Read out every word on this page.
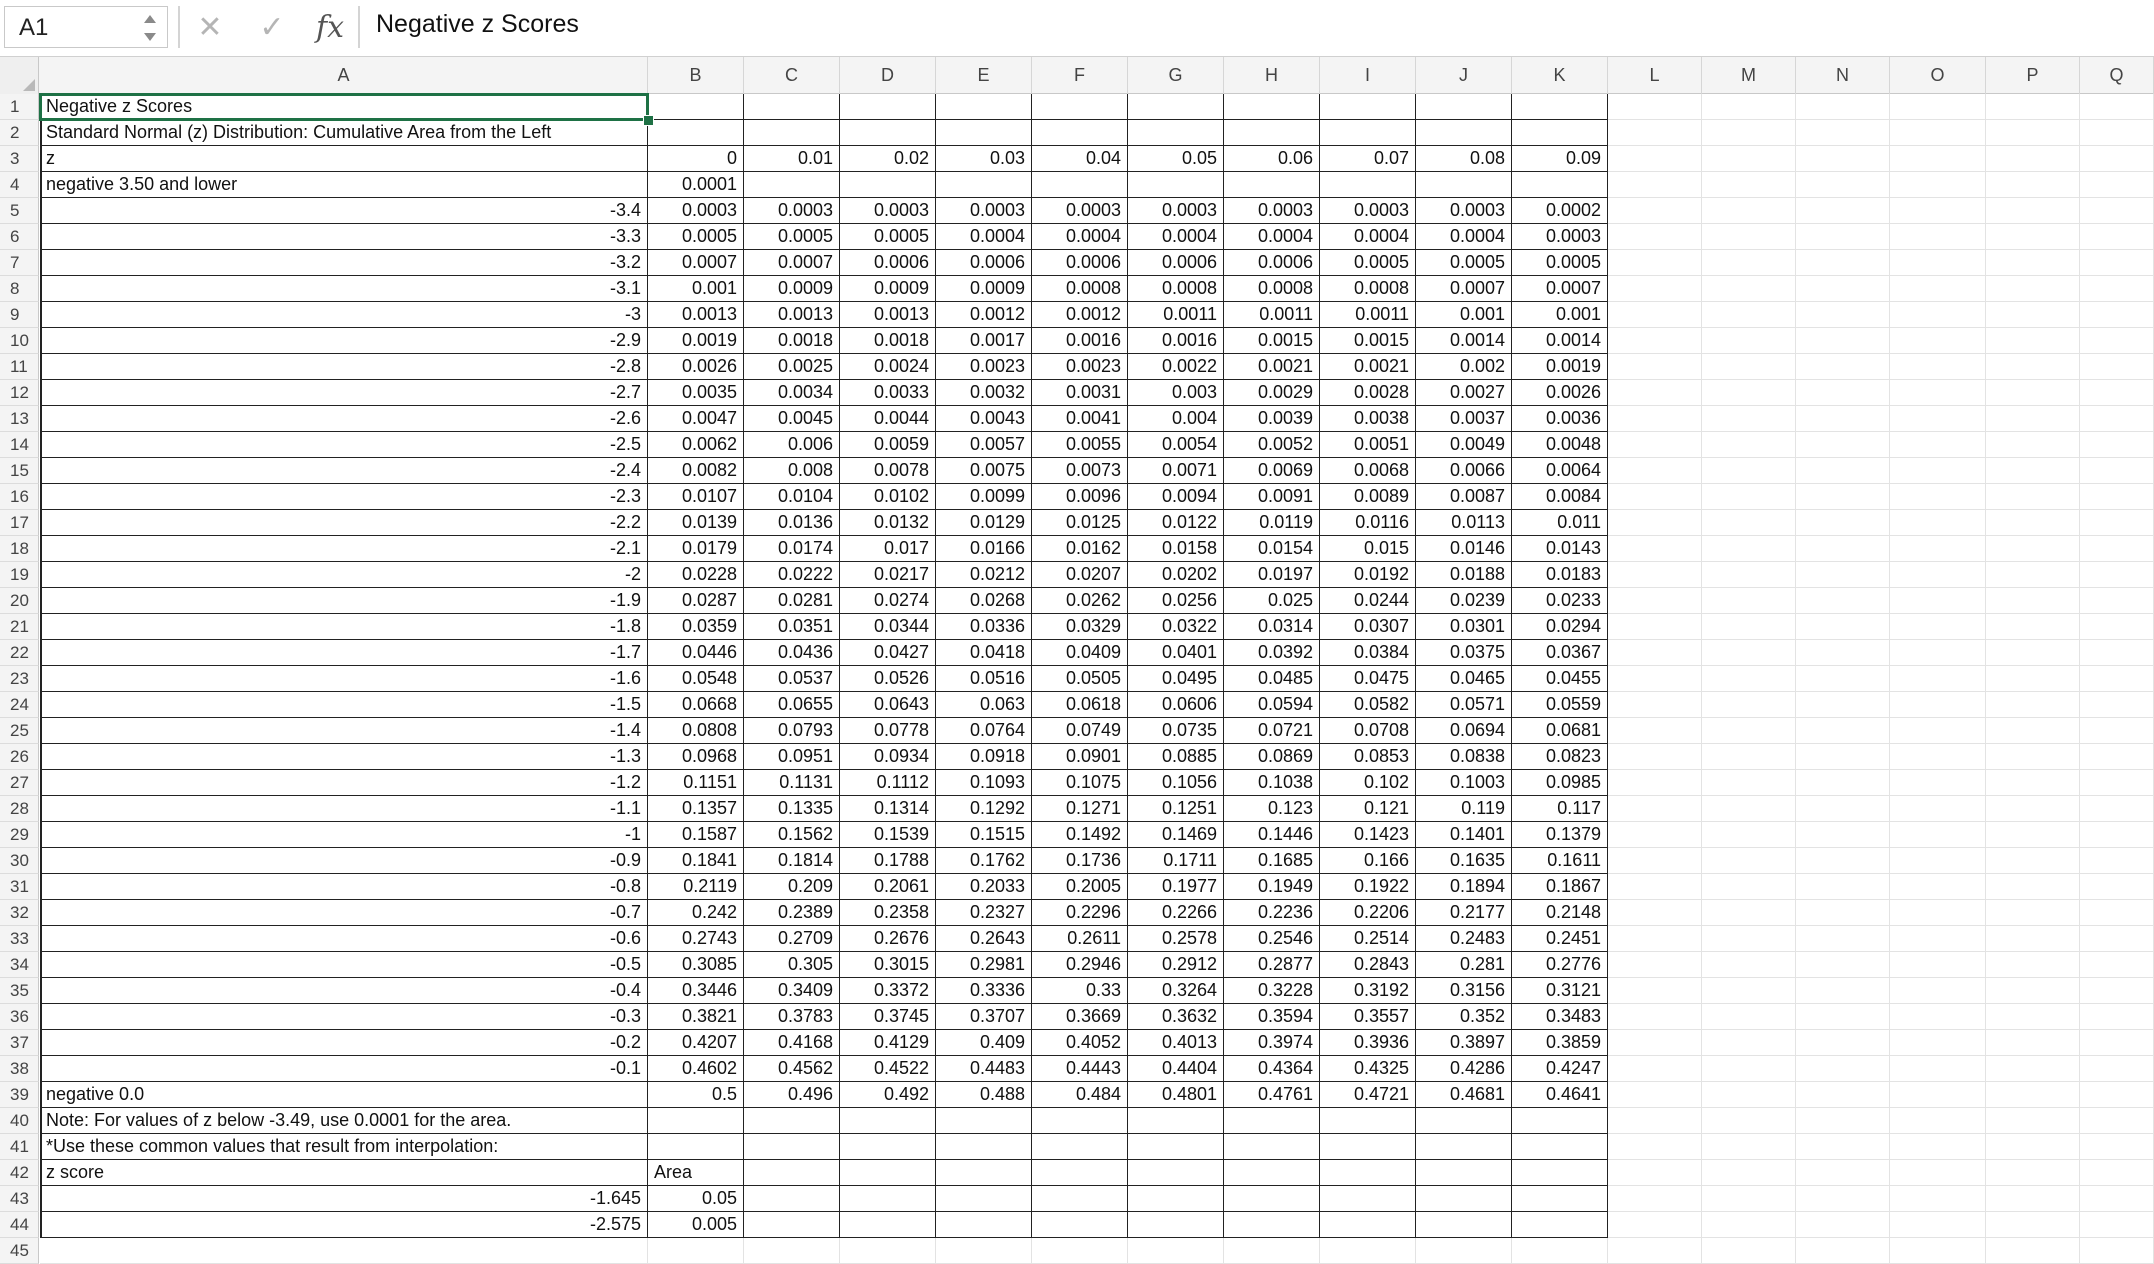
A1	✕ ✓ fx Negative z Scores
A	B	C	D	E	F	G	H	I	J	K	L	M	N	O	P	Q
1	Negative z Scores
2	Standard Normal (z) Distribution: Cumulative Area from the Left
3	z	0	0.01	0.02	0.03	0.04	0.05	0.06	0.07	0.08	0.09
4	negative 3.50 and lower	0.0001
5	-3.4	0.0003	0.0003	0.0003	0.0003	0.0003	0.0003	0.0003	0.0003	0.0003	0.0002
6	-3.3	0.0005	0.0005	0.0005	0.0004	0.0004	0.0004	0.0004	0.0004	0.0004	0.0003
7	-3.2	0.0007	0.0007	0.0006	0.0006	0.0006	0.0006	0.0006	0.0005	0.0005	0.0005
8	-3.1	0.001	0.0009	0.0009	0.0009	0.0008	0.0008	0.0008	0.0008	0.0007	0.0007
9	-3	0.0013	0.0013	0.0013	0.0012	0.0012	0.0011	0.0011	0.0011	0.001	0.001
10	-2.9	0.0019	0.0018	0.0018	0.0017	0.0016	0.0016	0.0015	0.0015	0.0014	0.0014
11	-2.8	0.0026	0.0025	0.0024	0.0023	0.0023	0.0022	0.0021	0.0021	0.002	0.0019
12	-2.7	0.0035	0.0034	0.0033	0.0032	0.0031	0.003	0.0029	0.0028	0.0027	0.0026
13	-2.6	0.0047	0.0045	0.0044	0.0043	0.0041	0.004	0.0039	0.0038	0.0037	0.0036
14	-2.5	0.0062	0.006	0.0059	0.0057	0.0055	0.0054	0.0052	0.0051	0.0049	0.0048
15	-2.4	0.0082	0.008	0.0078	0.0075	0.0073	0.0071	0.0069	0.0068	0.0066	0.0064
16	-2.3	0.0107	0.0104	0.0102	0.0099	0.0096	0.0094	0.0091	0.0089	0.0087	0.0084
17	-2.2	0.0139	0.0136	0.0132	0.0129	0.0125	0.0122	0.0119	0.0116	0.0113	0.011
18	-2.1	0.0179	0.0174	0.017	0.0166	0.0162	0.0158	0.0154	0.015	0.0146	0.0143
19	-2	0.0228	0.0222	0.0217	0.0212	0.0207	0.0202	0.0197	0.0192	0.0188	0.0183
20	-1.9	0.0287	0.0281	0.0274	0.0268	0.0262	0.0256	0.025	0.0244	0.0239	0.0233
21	-1.8	0.0359	0.0351	0.0344	0.0336	0.0329	0.0322	0.0314	0.0307	0.0301	0.0294
22	-1.7	0.0446	0.0436	0.0427	0.0418	0.0409	0.0401	0.0392	0.0384	0.0375	0.0367
23	-1.6	0.0548	0.0537	0.0526	0.0516	0.0505	0.0495	0.0485	0.0475	0.0465	0.0455
24	-1.5	0.0668	0.0655	0.0643	0.063	0.0618	0.0606	0.0594	0.0582	0.0571	0.0559
25	-1.4	0.0808	0.0793	0.0778	0.0764	0.0749	0.0735	0.0721	0.0708	0.0694	0.0681
26	-1.3	0.0968	0.0951	0.0934	0.0918	0.0901	0.0885	0.0869	0.0853	0.0838	0.0823
27	-1.2	0.1151	0.1131	0.1112	0.1093	0.1075	0.1056	0.1038	0.102	0.1003	0.0985
28	-1.1	0.1357	0.1335	0.1314	0.1292	0.1271	0.1251	0.123	0.121	0.119	0.117
29	-1	0.1587	0.1562	0.1539	0.1515	0.1492	0.1469	0.1446	0.1423	0.1401	0.1379
30	-0.9	0.1841	0.1814	0.1788	0.1762	0.1736	0.1711	0.1685	0.166	0.1635	0.1611
31	-0.8	0.2119	0.209	0.2061	0.2033	0.2005	0.1977	0.1949	0.1922	0.1894	0.1867
32	-0.7	0.242	0.2389	0.2358	0.2327	0.2296	0.2266	0.2236	0.2206	0.2177	0.2148
33	-0.6	0.2743	0.2709	0.2676	0.2643	0.2611	0.2578	0.2546	0.2514	0.2483	0.2451
34	-0.5	0.3085	0.305	0.3015	0.2981	0.2946	0.2912	0.2877	0.2843	0.281	0.2776
35	-0.4	0.3446	0.3409	0.3372	0.3336	0.33	0.3264	0.3228	0.3192	0.3156	0.3121
36	-0.3	0.3821	0.3783	0.3745	0.3707	0.3669	0.3632	0.3594	0.3557	0.352	0.3483
37	-0.2	0.4207	0.4168	0.4129	0.409	0.4052	0.4013	0.3974	0.3936	0.3897	0.3859
38	-0.1	0.4602	0.4562	0.4522	0.4483	0.4443	0.4404	0.4364	0.4325	0.4286	0.4247
39 negative 0.0	0.5	0.496	0.492	0.488	0.484	0.4801	0.4761	0.4721	0.4681	0.4641
40 Note: For values of z below -3.49, use 0.0001 for the area.
41 *Use these common values that result from interpolation:
42 z score	Area
43	-1.645	0.05
44	-2.575	0.005
45
